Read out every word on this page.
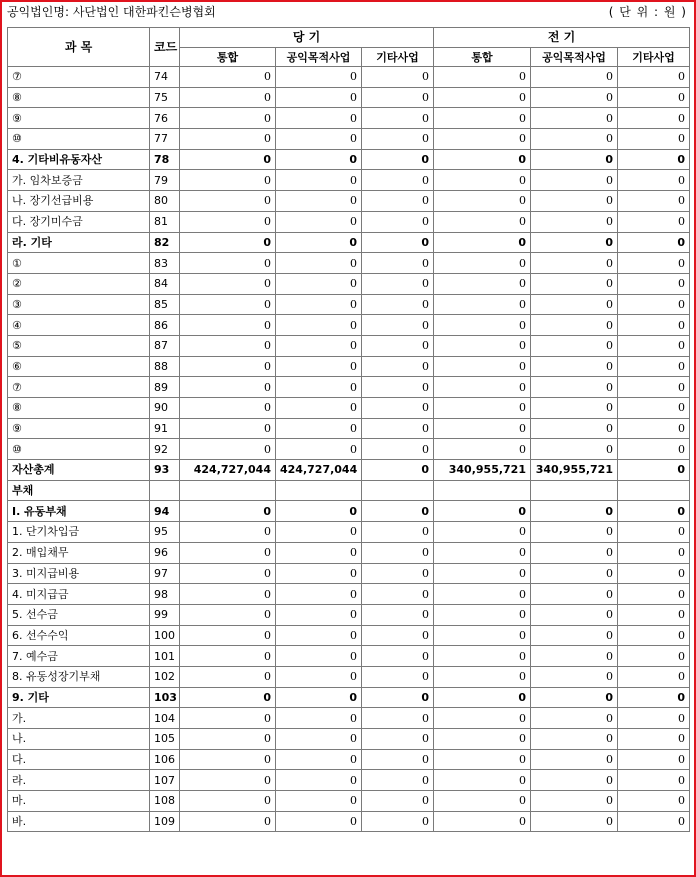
공익법인명: 사단법인 대한파킨슨병협회	( 단 위 : 원 )
과 목	코드	당 기			전 기		
		통합	공익목적사업	기타사업	통합	공익목적사업	기타사업
⑦	74	0	0	0	0	0	0
⑧	75	0	0	0	0	0	0
⑨	76	0	0	0	0	0	0
⑩	77	0	0	0	0	0	0
4. 기타비유동자산	78	0	0	0	0	0	0
가. 임차보증금	79	0	0	0	0	0	0
나. 장기선급비용	80	0	0	0	0	0	0
다. 장기미수금	81	0	0	0	0	0	0
라. 기타	82	0	0	0	0	0	0
①	83	0	0	0	0	0	0
②	84	0	0	0	0	0	0
③	85	0	0	0	0	0	0
④	86	0	0	0	0	0	0
⑤	87	0	0	0	0	0	0
⑥	88	0	0	0	0	0	0
⑦	89	0	0	0	0	0	0
⑧	90	0	0	0	0	0	0
⑨	91	0	0	0	0	0	0
⑩	92	0	0	0	0	0	0
자산총계	93	424,727,044	424,727,044	0	340,955,721	340,955,721	0
부채							
Ⅰ. 유동부채	94	0	0	0	0	0	0
1. 단기차입금	95	0	0	0	0	0	0
2. 매입채무	96	0	0	0	0	0	0
3. 미지급비용	97	0	0	0	0	0	0
4. 미지급금	98	0	0	0	0	0	0
5. 선수금	99	0	0	0	0	0	0
6. 선수수익	100	0	0	0	0	0	0
7. 예수금	101	0	0	0	0	0	0
8. 유동성장기부채	102	0	0	0	0	0	0
9. 기타	103	0	0	0	0	0	0
가.	104	0	0	0	0	0	0
나.	105	0	0	0	0	0	0
다.	106	0	0	0	0	0	0
라.	107	0	0	0	0	0	0
마.	108	0	0	0	0	0	0
바.	109	0	0	0	0	0	0
